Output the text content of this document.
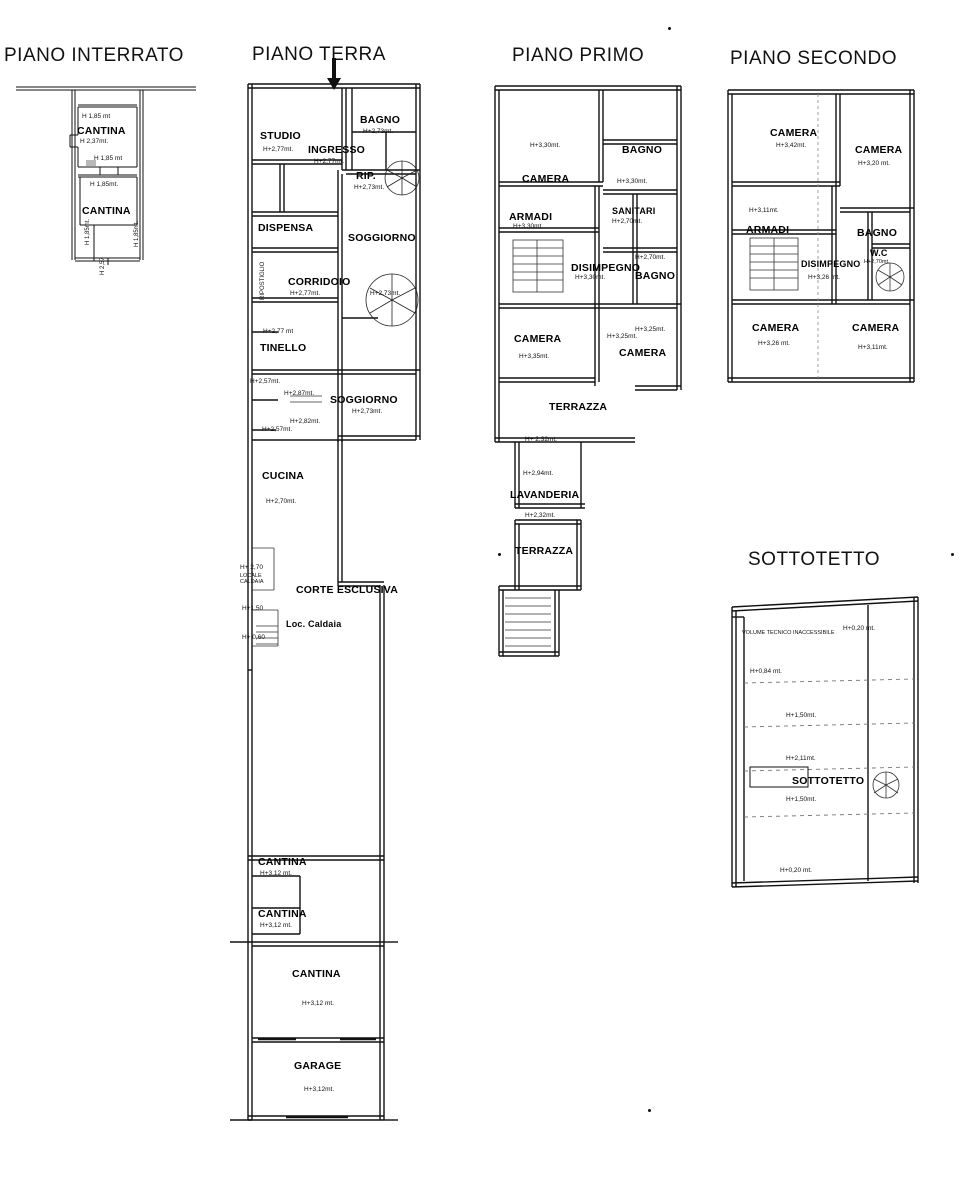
PIANO INTERRATO	PIANO TERRA	PIANO PRIMO	PIANO SECONDO
SOTTOTETTO
CANTINA
H 2,37mt.
H 1,85 mt
H 1,85 mt
H 1,85mt.
CANTINA
H 1,85mt.	H 1,85mt.
H 2,57
STUDIO
H+2,77mt.
BAGNO
H+2,73mt.
INGRESSO
H+2,77mt.
RIP.
H+2,73mt.
DISPENSA
SOGGIORNO
H+2,73mt.
CORRIDOIO
H+2,77mt.
RIPOSTIGLIO
TINELLO
H+2,77 mt
H+2,57mt.
H+2,87mt.
H+2,57mt.
SOGGIORNO
H+2,73mt.
H+2,82mt.
CUCINA
H+2,70mt.
CORTE ESCLUSIVA
H+ 2,70
LOCALE CALDAIA
H+1,50
Loc. Caldaia
H+ 0,60
CANTINA
H+3,12 mt.
CANTINA
H+3,12 mt.
CANTINA
H+3,12 mt.
GARAGE
H+3,12mt.
CAMERA
H+3,30mt.	BAGNO
H+3,30mt.
ARMADI
H+3,30mt.
SANITARI
H+2,70mt.
DISIMPEGNO
H+3,30mt.	BAGNO
H+2,70mt.
CAMERA
H+3,35mt.
H+3,25mt.
H+3,25mt.
CAMERA
TERRAZZA
H+ 2,32mt.
LAVANDERIA
H+2,94mt.
H+2,32mt.
TERRAZZA
CAMERA
H+3,42mt.	CAMERA
H+3,20 mt.
H+3,11mt.
ARMADI	BAGNO
W.C
H+2,70mt.
DISIMPEGNO
H+3,26 mt.
CAMERA
H+3,26 mt.
CAMERA
H+3,11mt.
VOLUME TECNICO INACCESSIBILE
H+0,84 mt.
H+1,50mt.
H+2,11mt.
SOTTOTETTO
H+1,50mt.
H+0,20 mt.
H+0,20 mt.
